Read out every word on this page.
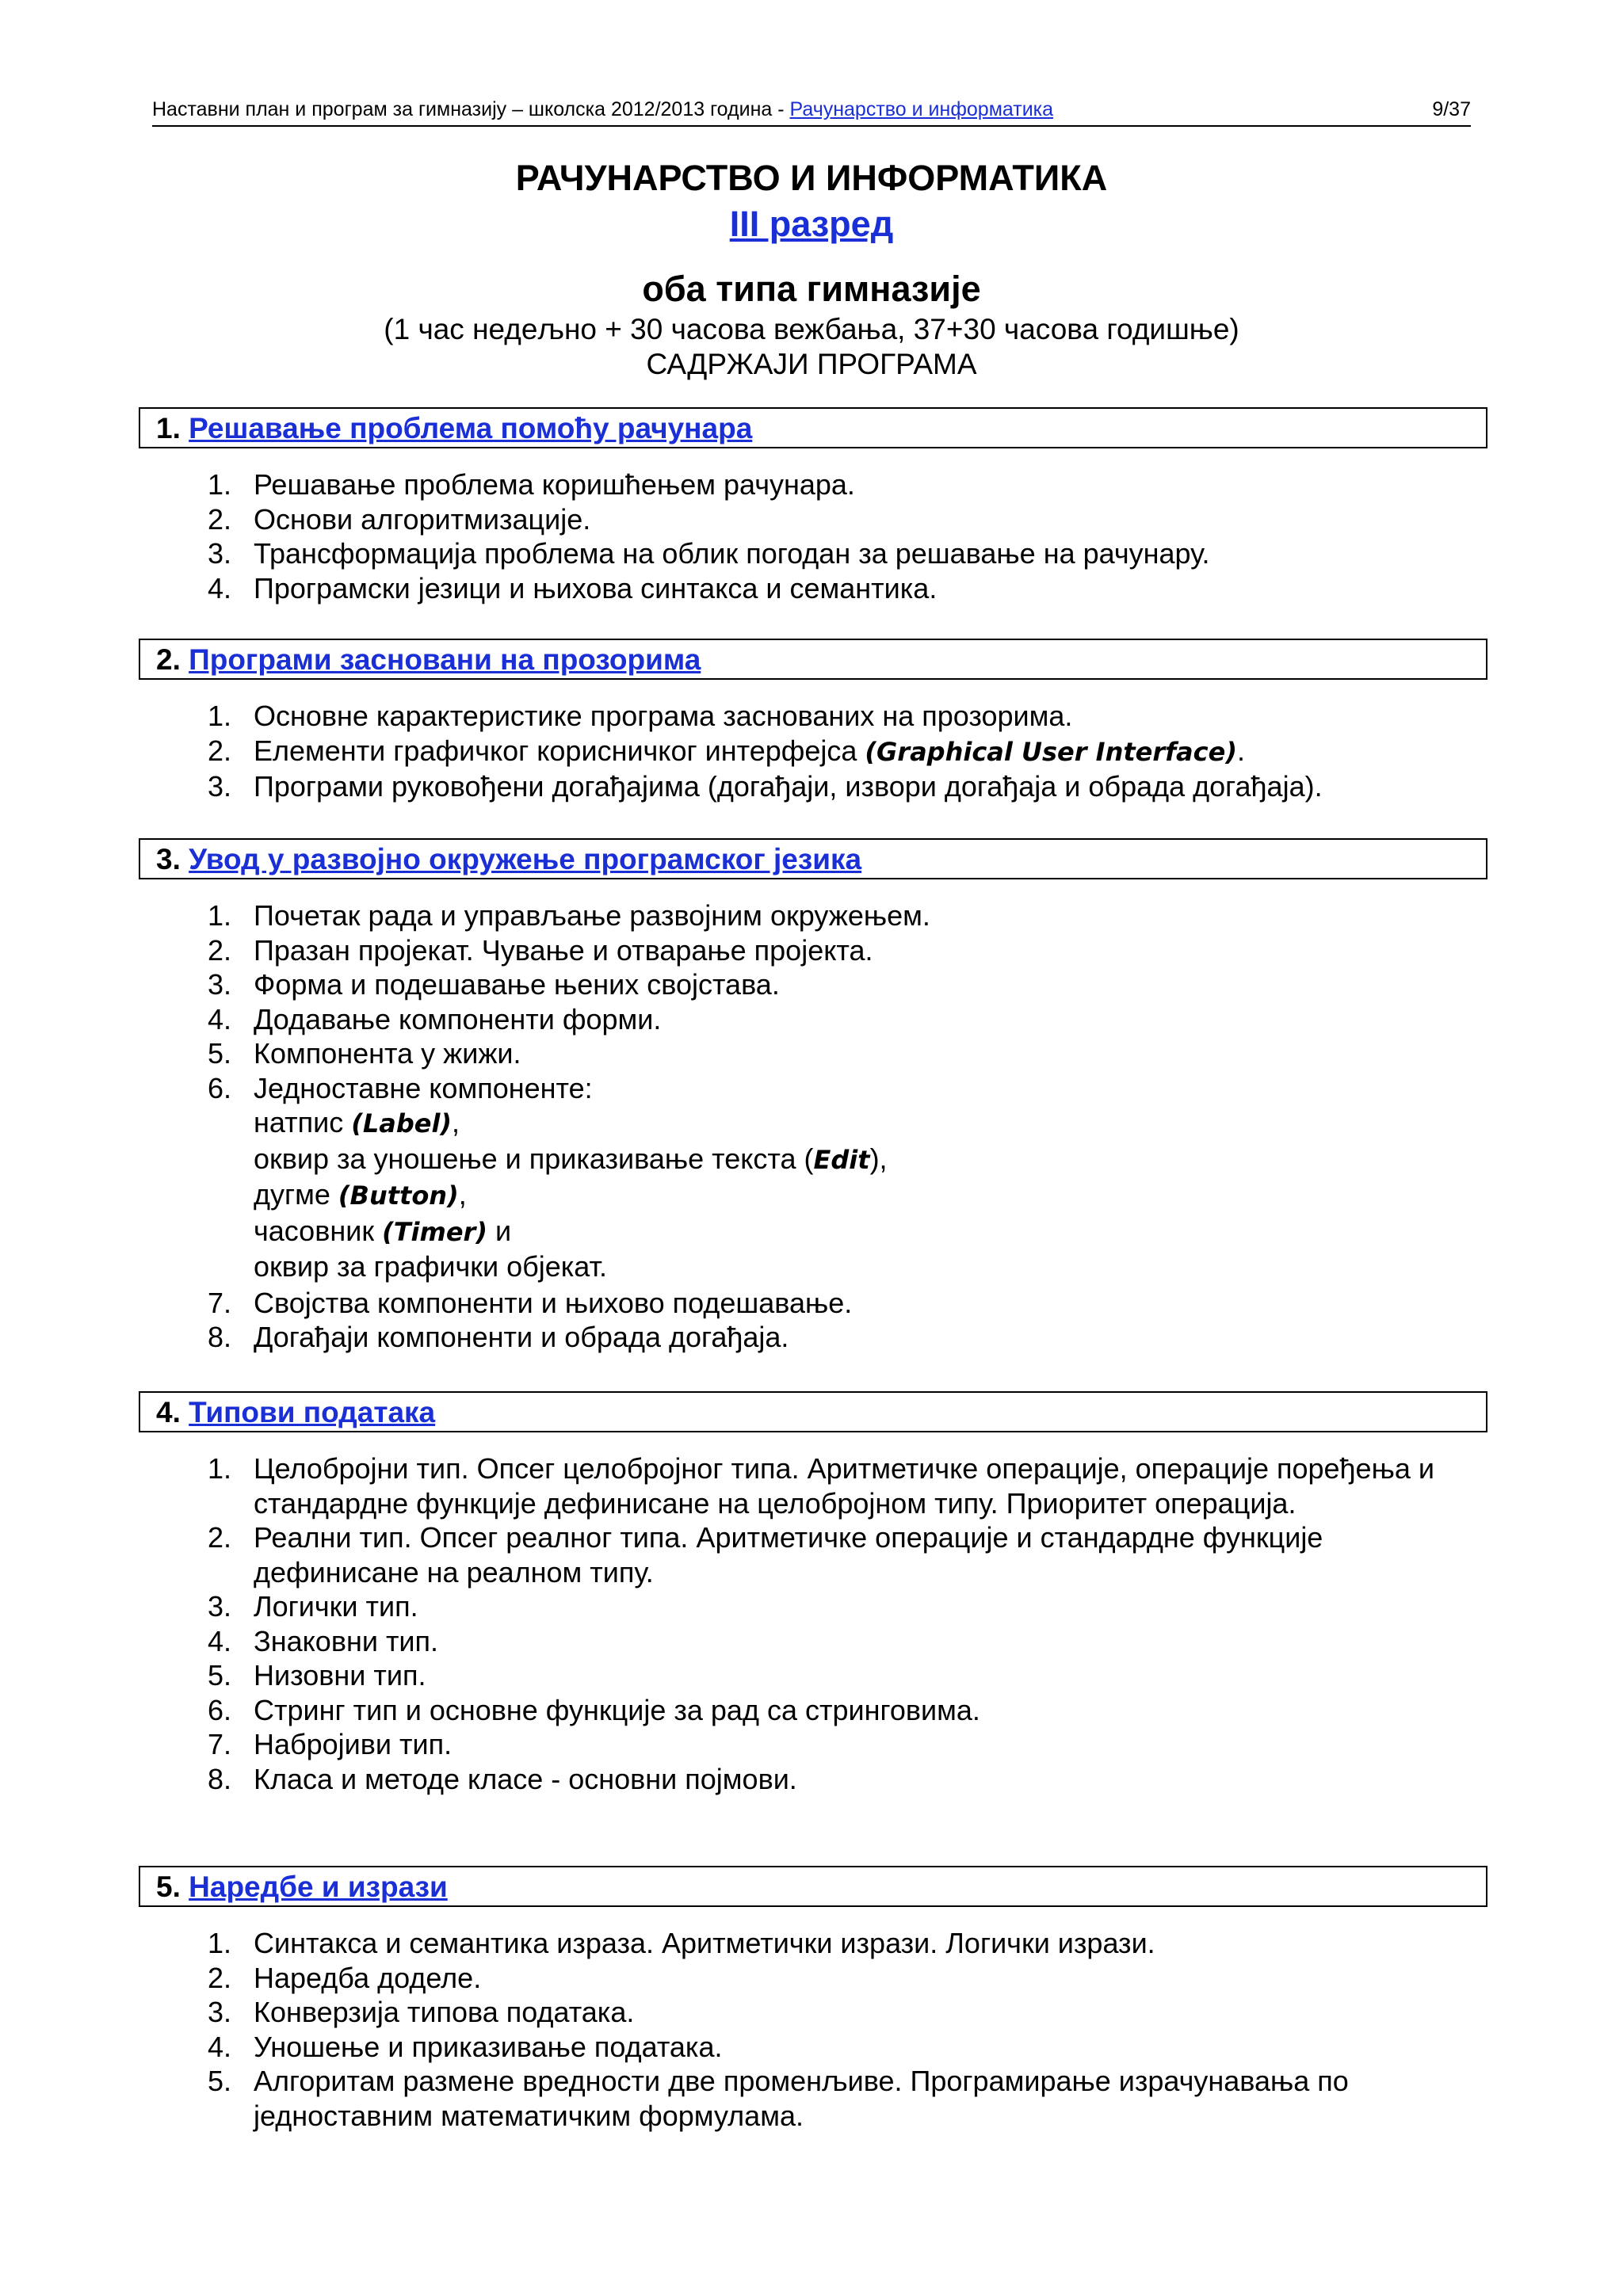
Наставни план и програм за гимназију – школска 2012/2013 година - Рачунарство и информатика	9/37
РАЧУНАРСТВО И ИНФОРМАТИКА
III разред
оба типа гимназије
(1 час недељно + 30 часова вежбања, 37+30 часова годишње)
САДРЖАЈИ ПРОГРАМА
1. Решавање проблема помоћу рачунара
1. Решавање проблема коришћењем рачунара.
2. Основи алгоритмизације.
3. Трансформација проблема на облик погодан за решавање на рачунару.
4. Програмски језици и њихова синтакса и семантика.
2. Програми засновани на прозорима
1. Основне карактеристике програма заснованих на прозорима.
2. Елементи графичког корисничког интерфејса (Graphical User Interface).
3. Програми руковођени догађајима (догађаји, извори догађаја и обрада догађаја).
3. Увод у развојно окружење програмског језика
1. Почетак рада и управљање развојним окружењем.
2. Празан пројекат. Чување и отварање пројекта.
3. Форма и подешавање њених својстава.
4. Додавање компоненти форми.
5. Компонента у жижи.
6. Једноставне компоненте:
натпис (Label),
оквир за уношење и приказивање текста (Edit),
дугме (Button),
часовник (Timer) и
оквир за графички објекат.
7. Својства компоненти и њихово подешавање.
8. Догађаји компоненти и обрада догађаја.
4. Типови података
1. Целобројни тип. Опсег целобројног типа. Аритметичке операције, операције поређења и стандардне функције дефинисане на целобројном типу. Приоритет операција.
2. Реални тип. Опсег реалног типа. Аритметичке операције и стандардне функције дефинисане на реалном типу.
3. Логички тип.
4. Знаковни тип.
5. Низовни тип.
6. Стринг тип и основне функције за рад са стринговима.
7. Набројиви тип.
8. Класа и методе класе - основни појмови.
5. Наредбе и изрази
1. Синтакса и семантика израза. Аритметички изрази. Логички изрази.
2. Наредба доделе.
3. Конверзија типова података.
4. Уношење и приказивање података.
5. Алгоритам размене вредности две променљиве. Програмирање израчунавања по једноставним математичким формулама.
